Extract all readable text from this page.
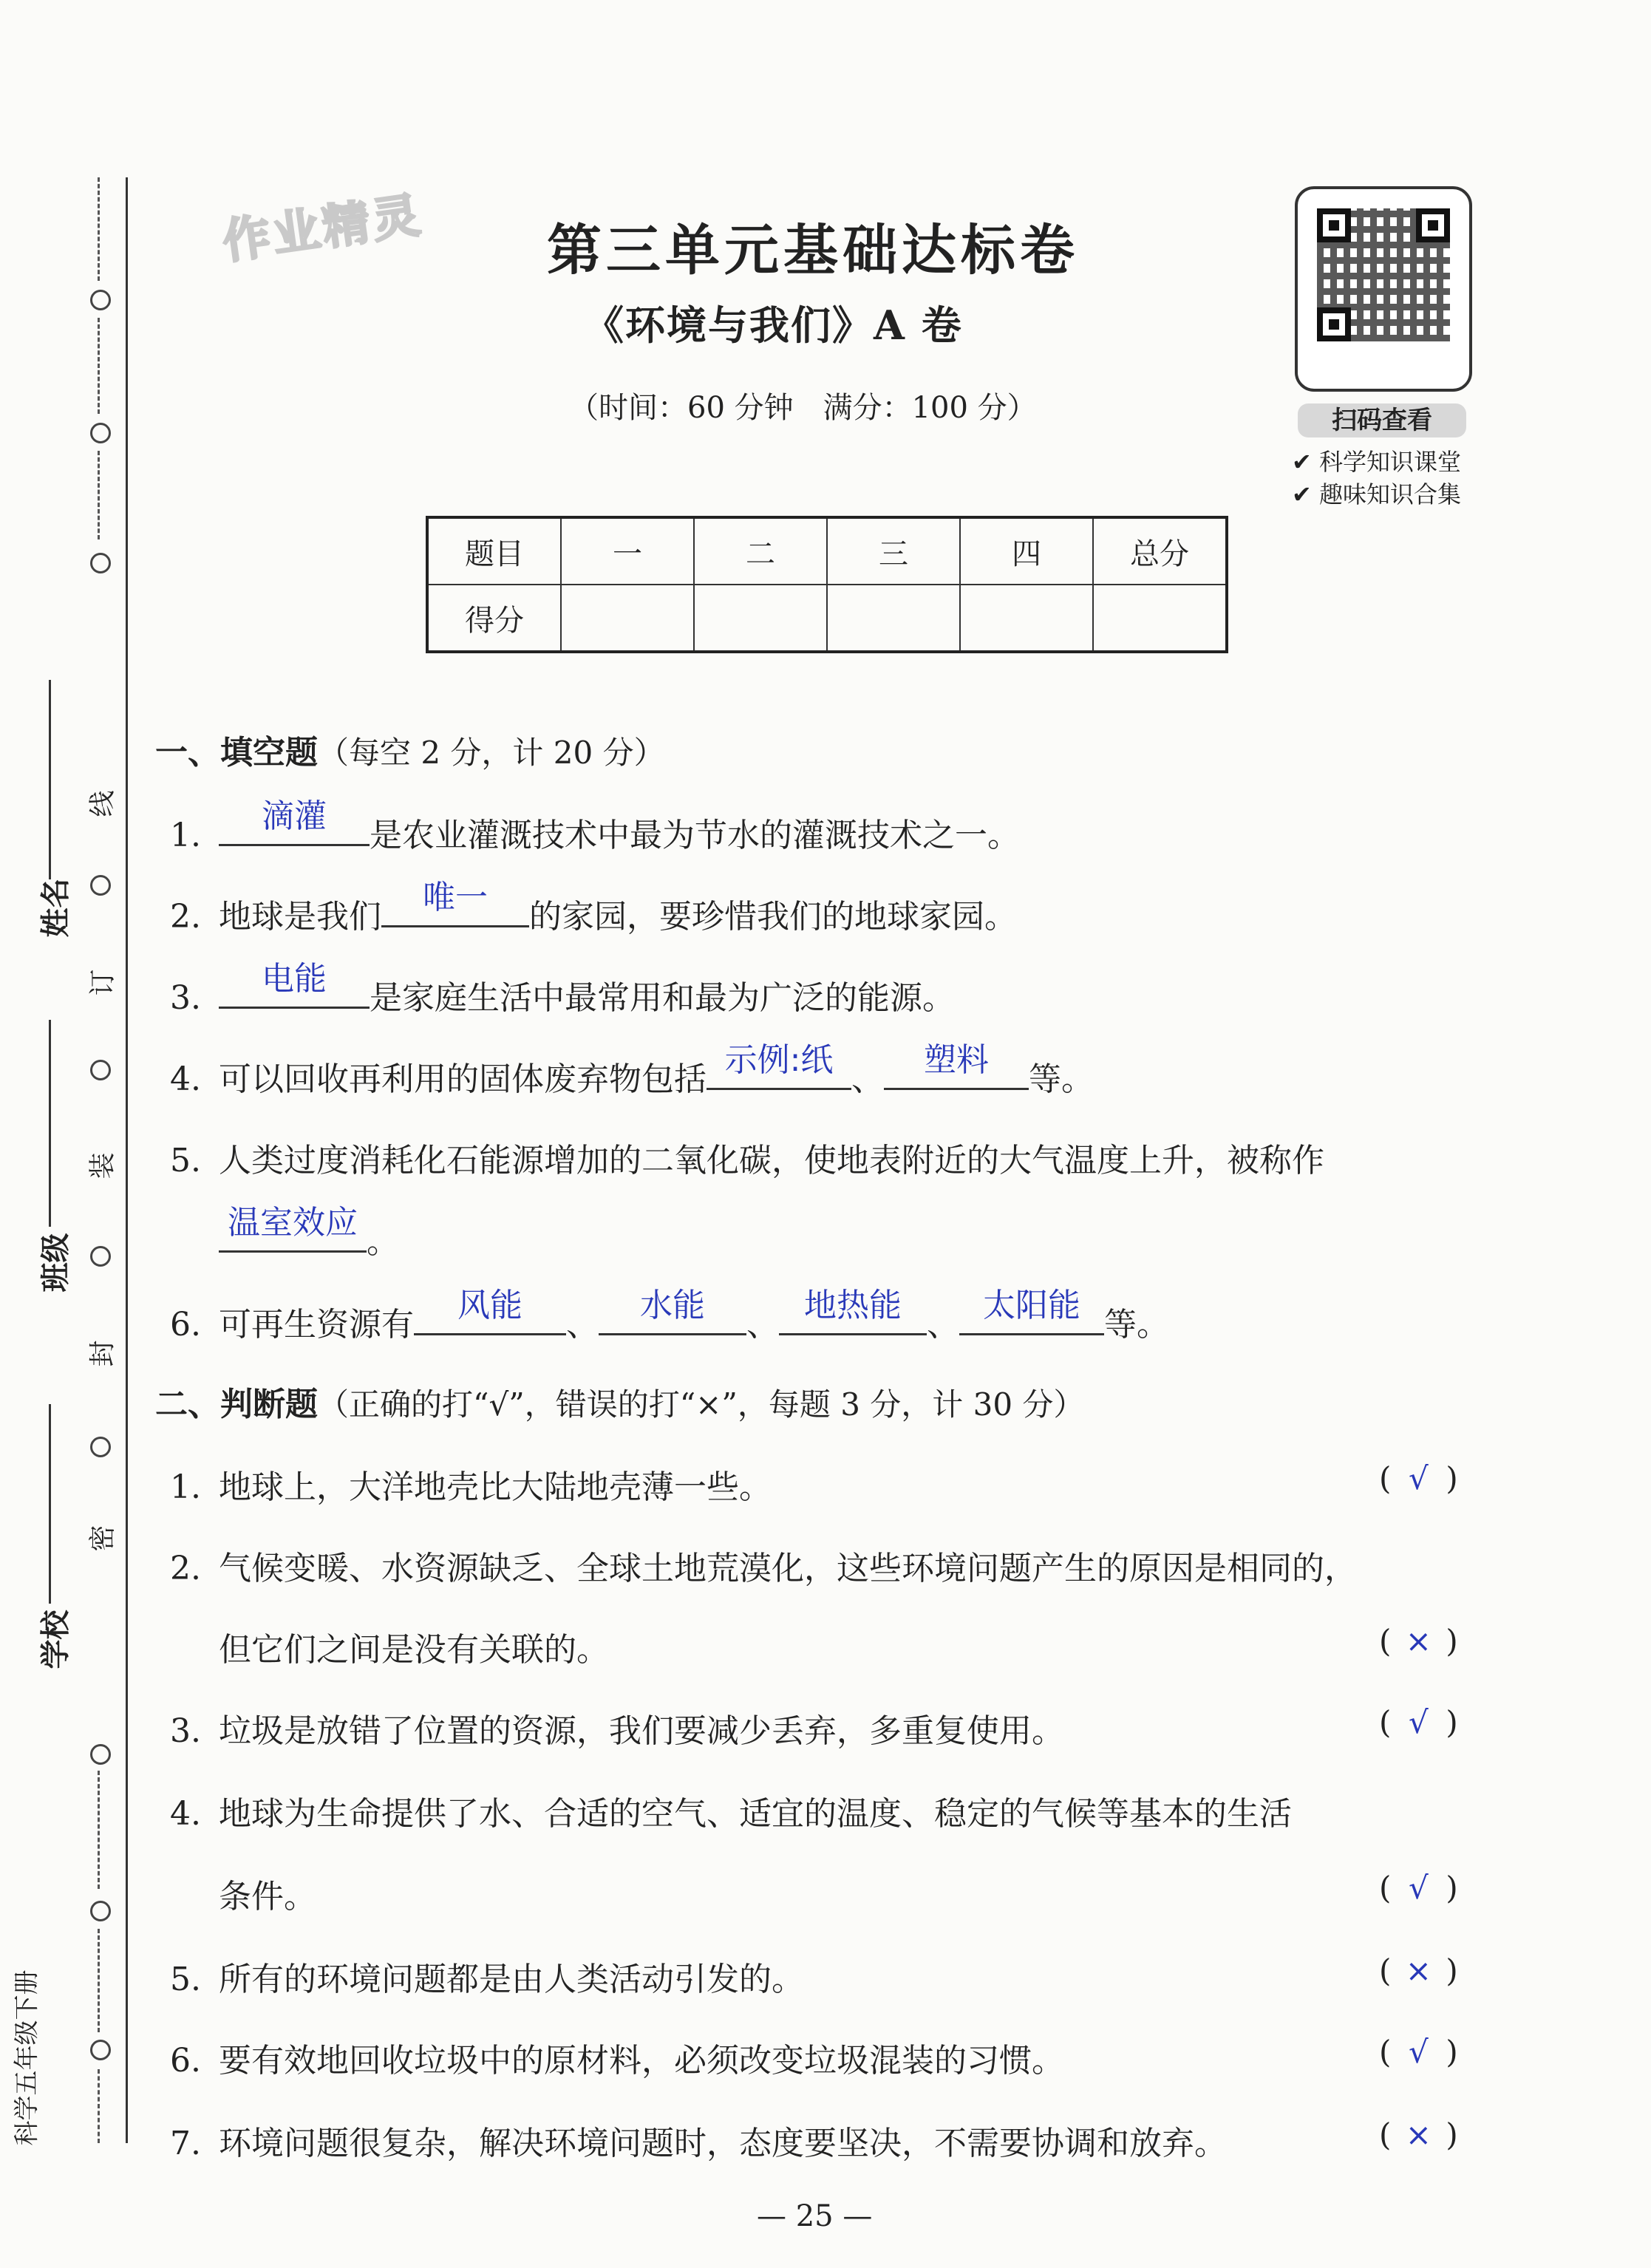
线
订
装
封
密
姓名
班级
学校
科学五年级下册
作业精灵 第三单元基础达标卷
《环境与我们》A 卷
（时间：60 分钟　满分：100 分）	扫码查看
✔ 科学知识课堂
✔ 趣味知识合集
题目	一	二	三	四	总分
得分					
一、填空题（每空 2 分，计 20 分）
1.
滴灌
是农业灌溉技术中最为节水的灌溉技术之一。
2. 地球是我们
唯一
的家园，要珍惜我们的地球家园。
3.
电能
是家庭生活中最常用和最为广泛的能源。
4. 可以回收再利用的固体废弃物包括
示例:纸
、
塑料
等。
5. 人类过度消耗化石能源增加的二氧化碳，使地表附近的大气温度上升，被称作
温室效应
。
6. 可再生资源有
风能
、
水能
、
地热能
、
太阳能
等。
二、判断题（正确的打“√”，错误的打“×”，每题 3 分，计 30 分）
1. 地球上，大洋地壳比大陆地壳薄一些。	( √ )
2. 气候变暖、水资源缺乏、全球土地荒漠化，这些环境问题产生的原因是相同的，
但它们之间是没有关联的。	( × )
3. 垃圾是放错了位置的资源，我们要减少丢弃，多重复使用。	( √ )
4. 地球为生命提供了水、合适的空气、适宜的温度、稳定的气候等基本的生活
条件。	( √ )
5. 所有的环境问题都是由人类活动引发的。	( × )
6. 要有效地回收垃圾中的原材料，必须改变垃圾混装的习惯。	( √ )
7. 环境问题很复杂，解决环境问题时，态度要坚决，不需要协调和放弃。	( × )
— 25 —
